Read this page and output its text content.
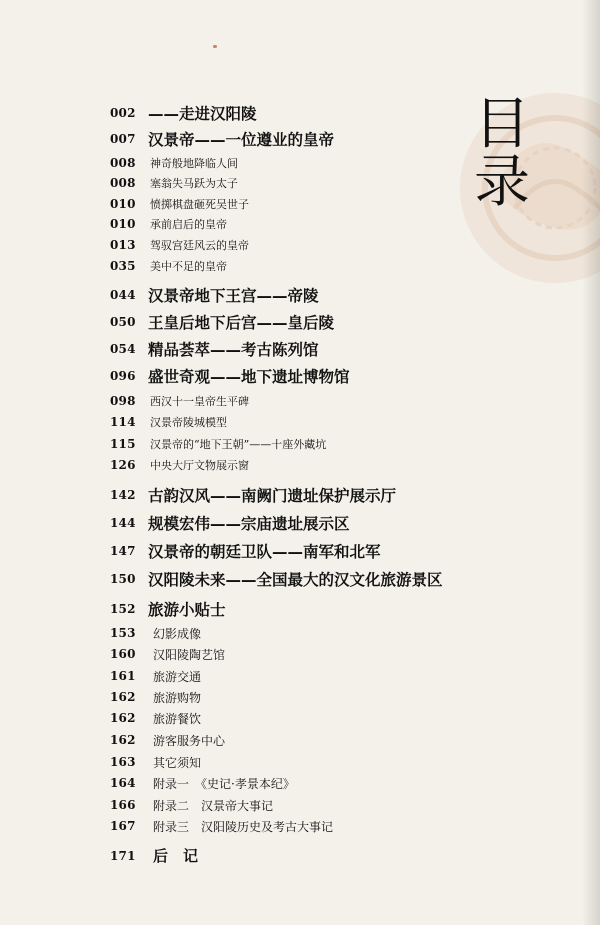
目
录
002 ——走进汉阳陵
007 汉景帝——一位遵业的皇帝
008 神奇般地降临人间
008 塞翁失马跃为太子
010 愤掷棋盘砸死吴世子
010 承前启后的皇帝
013 驾驭宫廷风云的皇帝
035 美中不足的皇帝
044 汉景帝地下王宫——帝陵
050 王皇后地下后宫——皇后陵
054 精品荟萃——考古陈列馆
096 盛世奇观——地下遗址博物馆
098 西汉十一皇帝生平碑
114 汉景帝陵城模型
115 汉景帝的“地下王朝”——十座外藏坑
126 中央大厅文物展示窗
142 古韵汉风——南阙门遗址保护展示厅
144 规模宏伟——宗庙遗址展示区
147 汉景帝的朝廷卫队——南军和北军
150 汉阳陵未来——全国最大的汉文化旅游景区
152 旅游小贴士
153 幻影成像
160 汉阳陵陶艺馆
161 旅游交通
162 旅游购物
162 旅游餐饮
162 游客服务中心
163 其它须知
164 附录一　《史记·孝景本纪》
166 附录二　汉景帝大事记
167 附录三　汉阳陵历史及考古大事记
171 后　记
